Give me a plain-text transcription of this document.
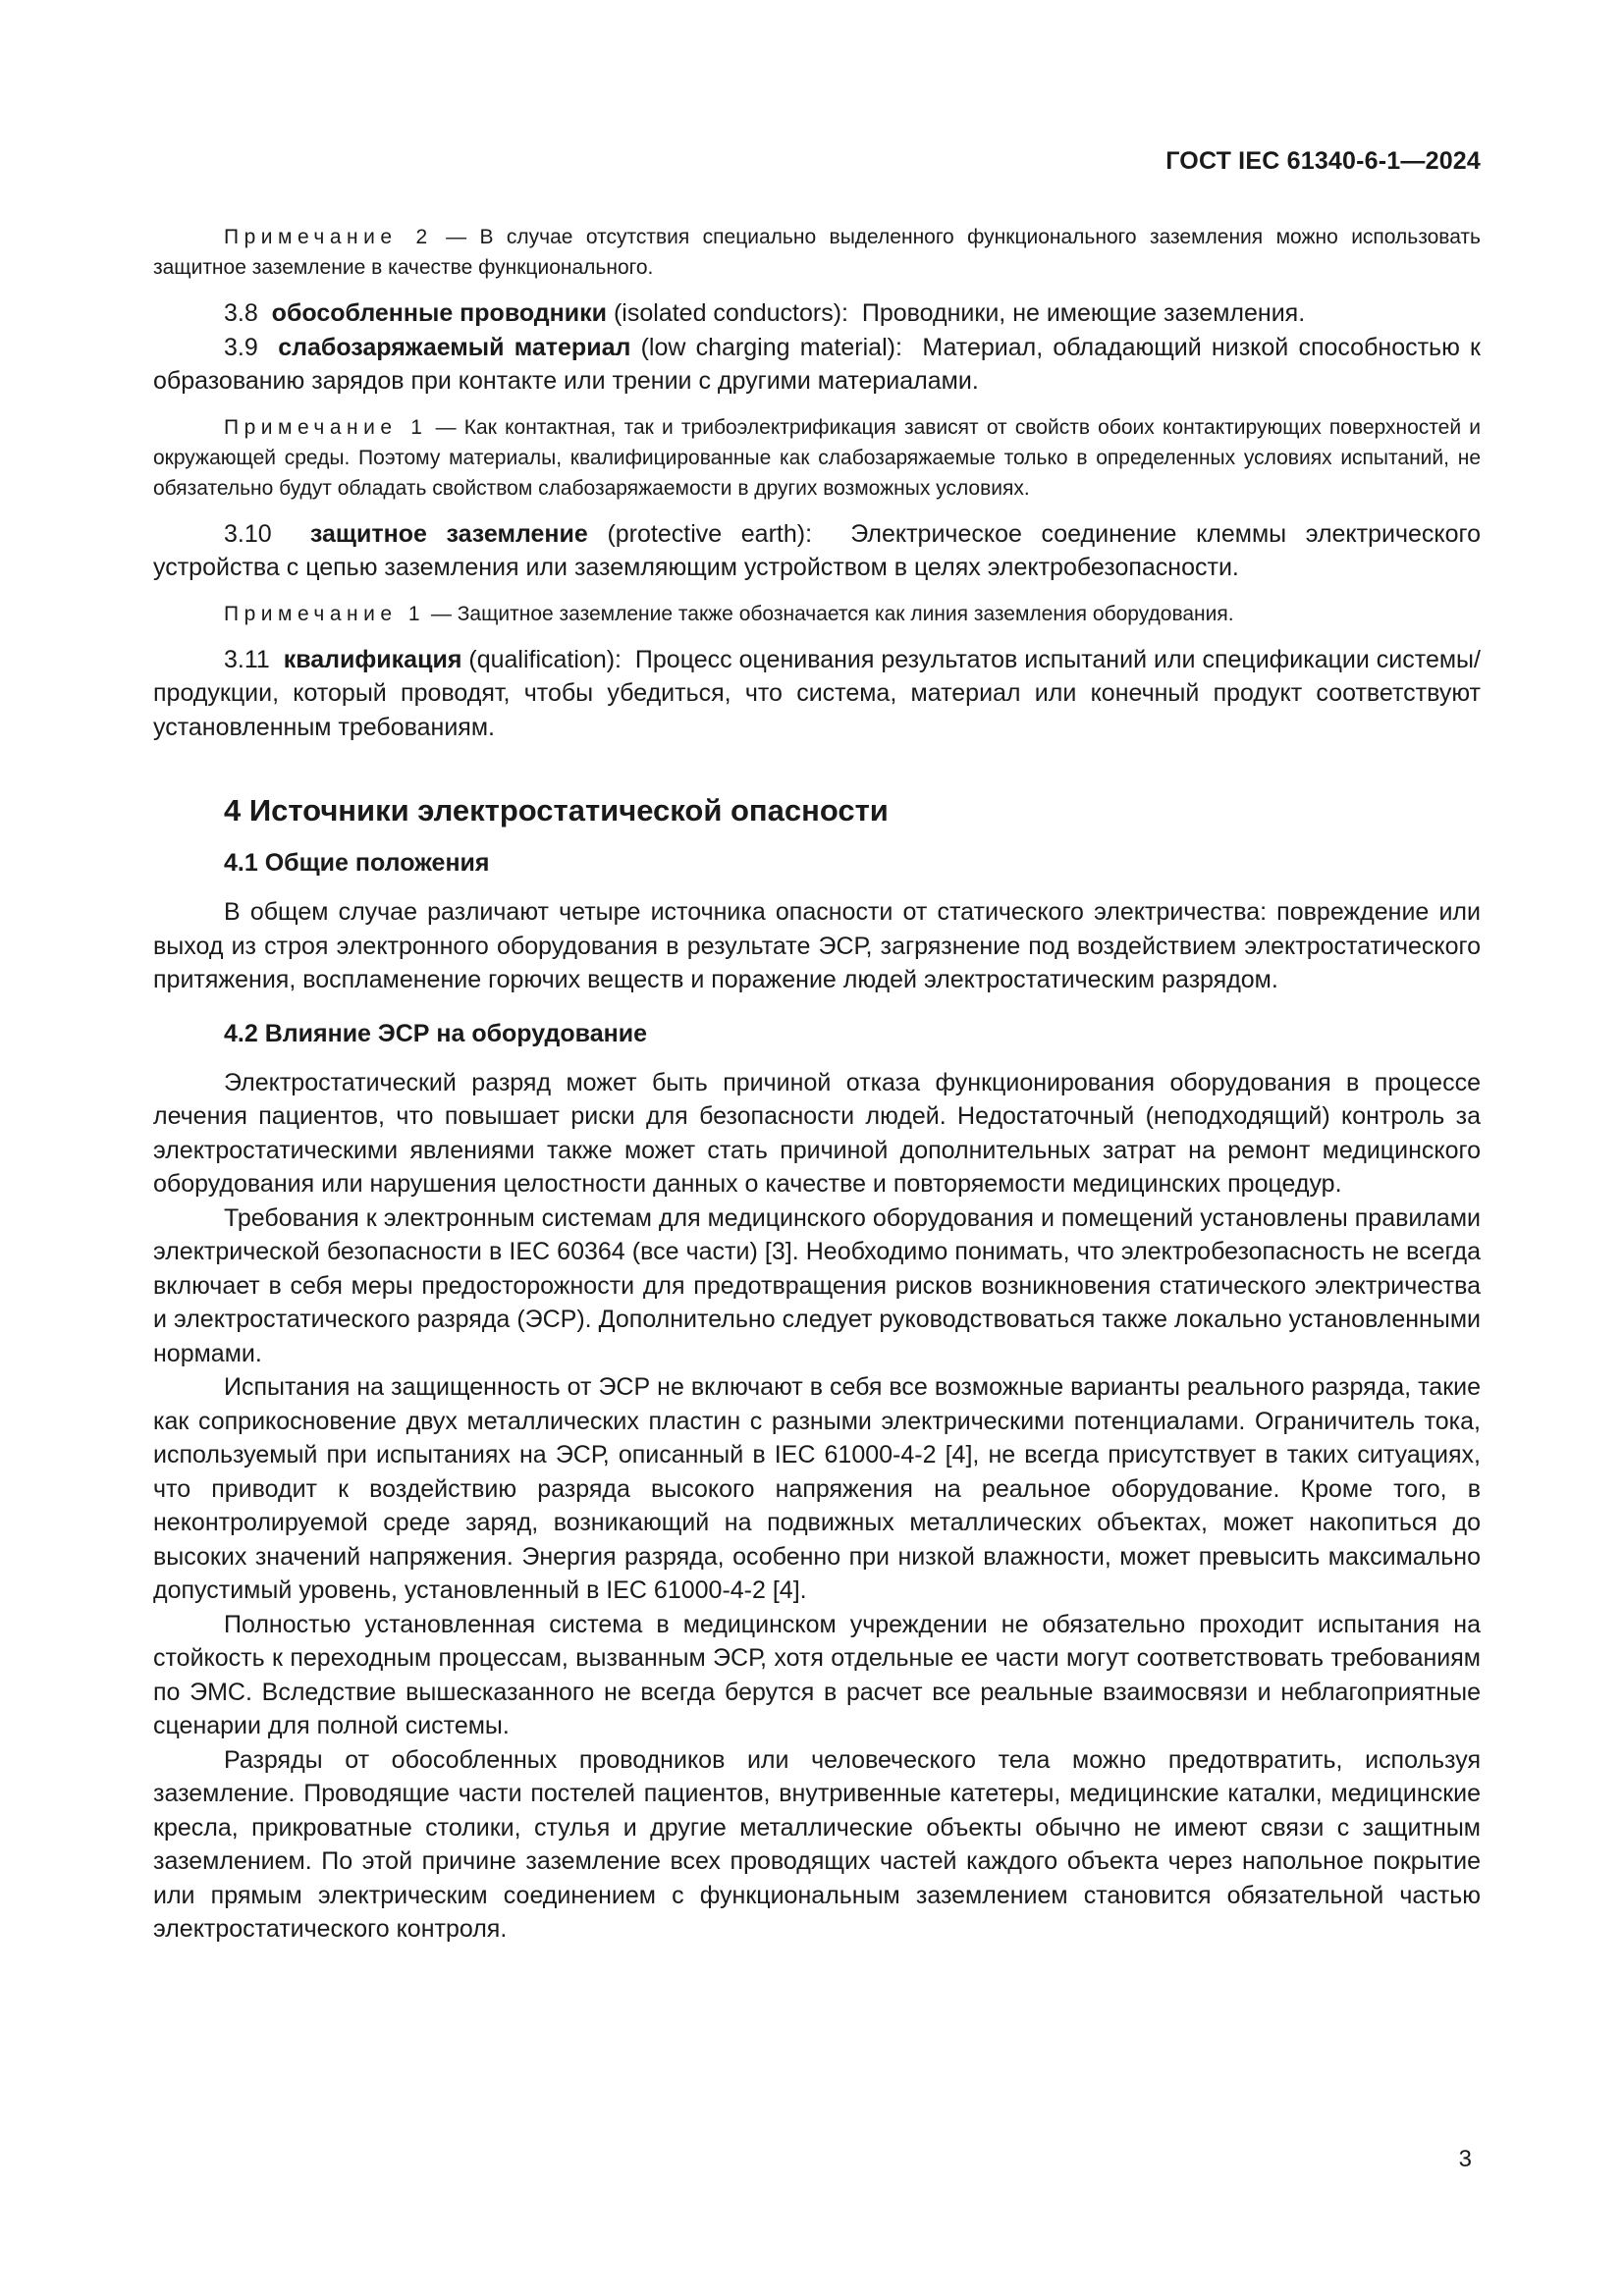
ГОСТ IEC 61340-6-1—2024

Примечание 2 — В случае отсутствия специально выделенного функционального заземления можно использовать защитное заземление в качестве функционального.

3.8 обособленные проводники (isolated conductors): Проводники, не имеющие заземления.

3.9 слабозаряжаемый материал (low charging material): Материал, обладающий низкой способностью к образованию зарядов при контакте или трении с другими материалами.

Примечание 1 — Как контактная, так и трибоэлектрификация зависят от свойств обоих контактирующих поверхностей и окружающей среды. Поэтому материалы, квалифицированные как слабозаряжаемые только в определенных условиях испытаний, не обязательно будут обладать свойством слабозаряжаемости в других возможных условиях.

3.10 защитное заземление (protective earth): Электрическое соединение клеммы электрического устройства с цепью заземления или заземляющим устройством в целях электробезопасности.

Примечание 1 — Защитное заземление также обозначается как линия заземления оборудования.

3.11 квалификация (qualification): Процесс оценивания результатов испытаний или спецификации системы/продукции, который проводят, чтобы убедиться, что система, материал или конечный продукт соответствуют установленным требованиям.

4 Источники электростатической опасности
4.1 Общие положения

В общем случае различают четыре источника опасности от статического электричества: повреждение или выход из строя электронного оборудования в результате ЭСР, загрязнение под воздействием электростатического притяжения, воспламенение горючих веществ и поражение людей электростатическим разрядом.

4.2 Влияние ЭСР на оборудование

Электростатический разряд может быть причиной отказа функционирования оборудования в процессе лечения пациентов, что повышает риски для безопасности людей. Недостаточный (неподходящий) контроль за электростатическими явлениями также может стать причиной дополнительных затрат на ремонт медицинского оборудования или нарушения целостности данных о качестве и повторяемости медицинских процедур.

Требования к электронным системам для медицинского оборудования и помещений установлены правилами электрической безопасности в IEC 60364 (все части) [3]. Необходимо понимать, что электробезопасность не всегда включает в себя меры предосторожности для предотвращения рисков возникновения статического электричества и электростатического разряда (ЭСР). Дополнительно следует руководствоваться также локально установленными нормами.

Испытания на защищенность от ЭСР не включают в себя все возможные варианты реального разряда, такие как соприкосновение двух металлических пластин с разными электрическими потенциалами. Ограничитель тока, используемый при испытаниях на ЭСР, описанный в IEC 61000-4-2 [4], не всегда присутствует в таких ситуациях, что приводит к воздействию разряда высокого напряжения на реальное оборудование. Кроме того, в неконтролируемой среде заряд, возникающий на подвижных металлических объектах, может накопиться до высоких значений напряжения. Энергия разряда, особенно при низкой влажности, может превысить максимально допустимый уровень, установленный в IEC 61000-4-2 [4].

Полностью установленная система в медицинском учреждении не обязательно проходит испытания на стойкость к переходным процессам, вызванным ЭСР, хотя отдельные ее части могут соответствовать требованиям по ЭМС. Вследствие вышесказанного не всегда берутся в расчет все реальные взаимосвязи и неблагоприятные сценарии для полной системы.

Разряды от обособленных проводников или человеческого тела можно предотвратить, используя заземление. Проводящие части постелей пациентов, внутривенные катетеры, медицинские каталки, медицинские кресла, прикроватные столики, стулья и другие металлические объекты обычно не имеют связи с защитным заземлением. По этой причине заземление всех проводящих частей каждого объекта через напольное покрытие или прямым электрическим соединением с функциональным заземлением становится обязательной частью электростатического контроля.

3
